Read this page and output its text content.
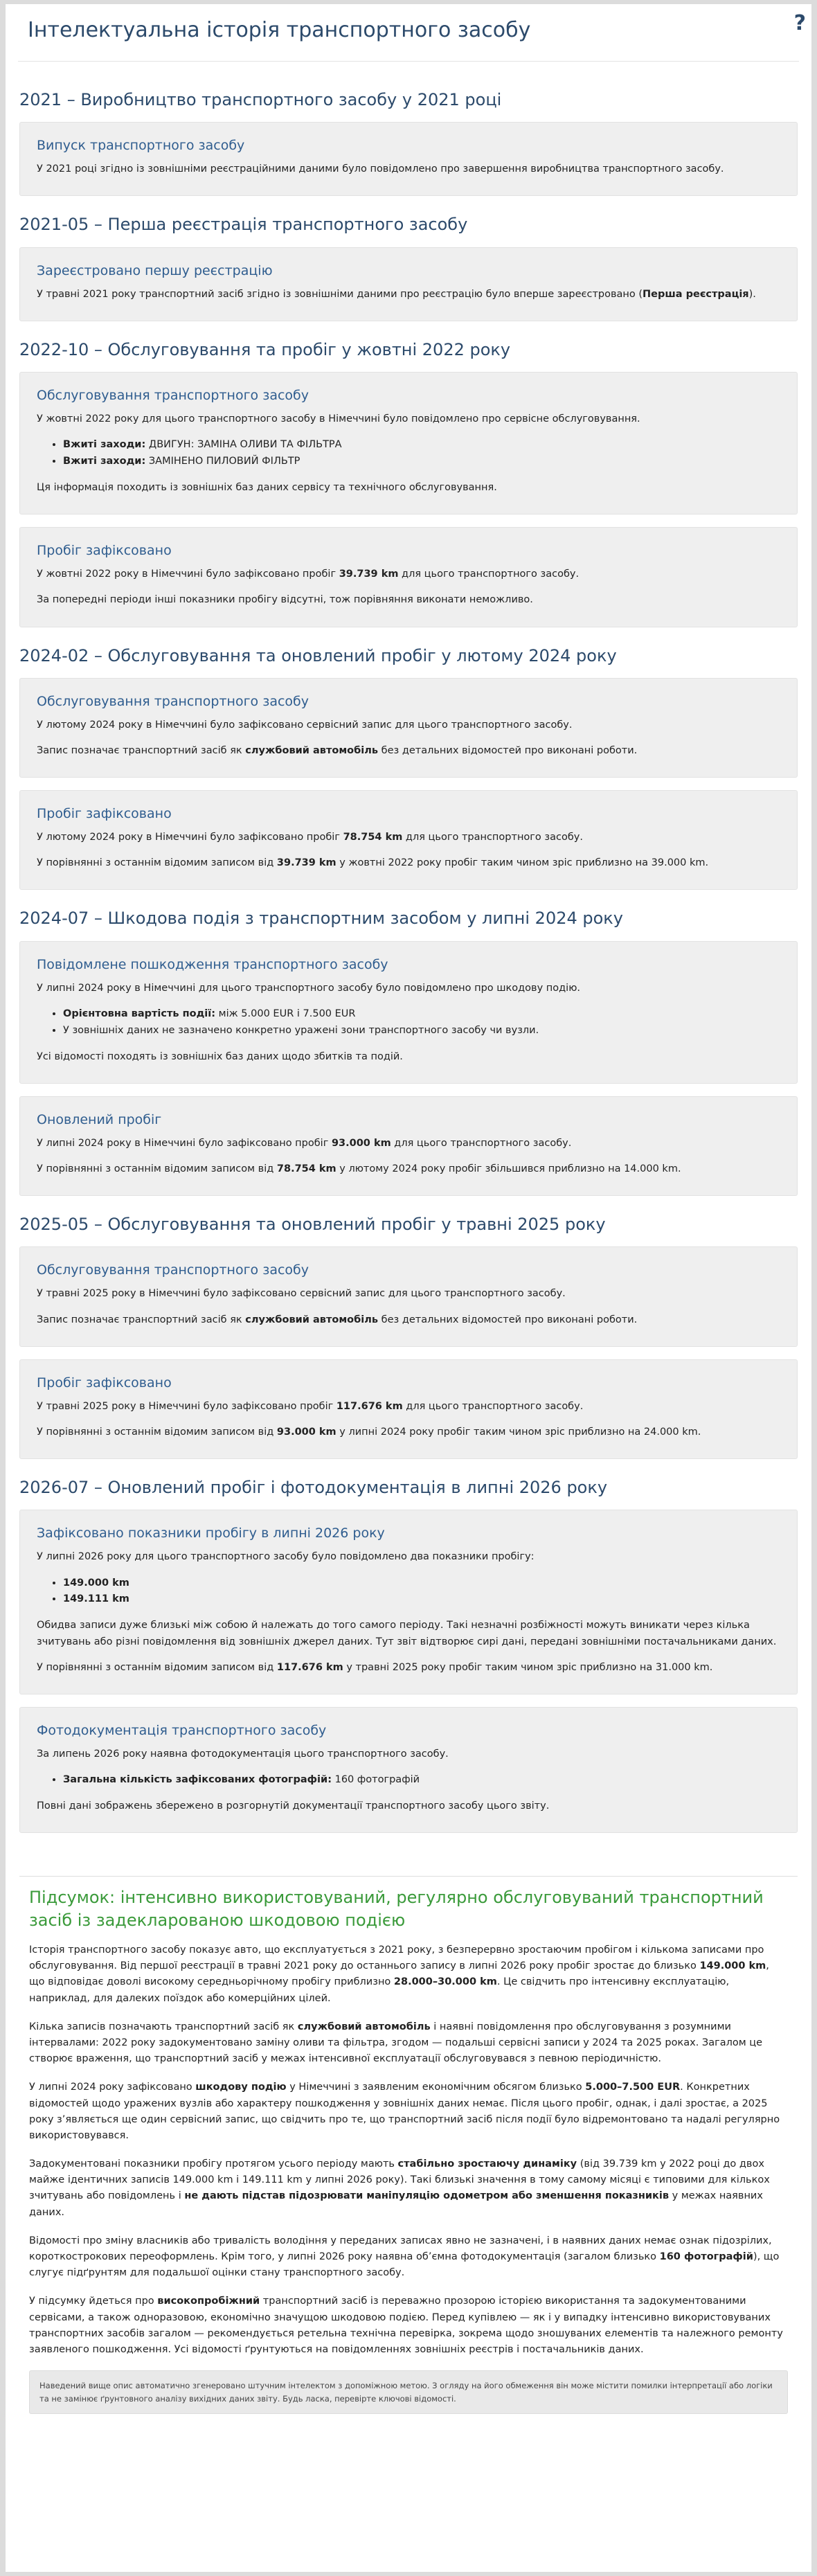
Інтелектуальна історія транспортного засобу	?
2021 – Виробництво транспортного засобу у 2021 році
Випуск транспортного засобу

У 2021 році згідно із зовнішніми реєстраційними даними було повідомлено про завершення виробництва транспортного засобу.

2021-05 – Перша реєстрація транспортного засобу
Зареєстровано першу реєстрацію

У травні 2021 року транспортний засіб згідно із зовнішніми даними про реєстрацію було вперше зареєстровано (Перша реєстрація).

2022-10 – Обслуговування та пробіг у жовтні 2022 року
Обслуговування транспортного засобу

У жовтні 2022 року для цього транспортного засобу в Німеччині було повідомлено про сервісне обслуговування.

• Вжиті заходи: ДВИГУН: ЗАМІНА ОЛИВИ ТА ФІЛЬТРА
• Вжиті заходи: ЗАМІНЕНО ПИЛОВИЙ ФІЛЬТР

Ця інформація походить із зовнішніх баз даних сервісу та технічного обслуговування.

Пробіг зафіксовано

У жовтні 2022 року в Німеччині було зафіксовано пробіг 39.739 km для цього транспортного засобу.

За попередні періоди інші показники пробігу відсутні, тож порівняння виконати неможливо.

2024-02 – Обслуговування та оновлений пробіг у лютому 2024 року
Обслуговування транспортного засобу

У лютому 2024 року в Німеччині було зафіксовано сервісний запис для цього транспортного засобу.

Запис позначає транспортний засіб як службовий автомобіль без детальних відомостей про виконані роботи.

Пробіг зафіксовано

У лютому 2024 року в Німеччині було зафіксовано пробіг 78.754 km для цього транспортного засобу.

У порівнянні з останнім відомим записом від 39.739 km у жовтні 2022 року пробіг таким чином зріс приблизно на 39.000 km.

2024-07 – Шкодова подія з транспортним засобом у липні 2024 року
Повідомлене пошкодження транспортного засобу

У липні 2024 року в Німеччині для цього транспортного засобу було повідомлено про шкодову подію.

• Орієнтовна вартість події: між 5.000 EUR і 7.500 EUR
• У зовнішніх даних не зазначено конкретно уражені зони транспортного засобу чи вузли.

Усі відомості походять із зовнішніх баз даних щодо збитків та подій.

Оновлений пробіг

У липні 2024 року в Німеччині було зафіксовано пробіг 93.000 km для цього транспортного засобу.

У порівнянні з останнім відомим записом від 78.754 km у лютому 2024 року пробіг збільшився приблизно на 14.000 km.

2025-05 – Обслуговування та оновлений пробіг у травні 2025 року
Обслуговування транспортного засобу

У травні 2025 року в Німеччині було зафіксовано сервісний запис для цього транспортного засобу.

Запис позначає транспортний засіб як службовий автомобіль без детальних відомостей про виконані роботи.

Пробіг зафіксовано

У травні 2025 року в Німеччині було зафіксовано пробіг 117.676 km для цього транспортного засобу.

У порівнянні з останнім відомим записом від 93.000 km у липні 2024 року пробіг таким чином зріс приблизно на 24.000 km.

2026-07 – Оновлений пробіг і фотодокументація в липні 2026 року
Зафіксовано показники пробігу в липні 2026 року

У липні 2026 року для цього транспортного засобу було повідомлено два показники пробігу:

• 149.000 km
• 149.111 km

Обидва записи дуже близькі між собою й належать до того самого періоду. Такі незначні розбіжності можуть виникати через кілька зчитувань або різні повідомлення від зовнішніх джерел даних. Тут звіт відтворює сирі дані, передані зовнішніми постачальниками даних.

У порівнянні з останнім відомим записом від 117.676 km у травні 2025 року пробіг таким чином зріс приблизно на 31.000 km.

Фотодокументація транспортного засобу

За липень 2026 року наявна фотодокументація цього транспортного засобу.

• Загальна кількість зафіксованих фотографій: 160 фотографій

Повні дані зображень збережено в розгорнутій документації транспортного засобу цього звіту.

Підсумок: інтенсивно використовуваний, регулярно обслуговуваний транспортний засіб із задекларованою шкодовою подією

Історія транспортного засобу показує авто, що експлуатується з 2021 року, з безперервно зростаючим пробігом і кількома записами про обслуговування. Від першої реєстрації в травні 2021 року до останнього запису в липні 2026 року пробіг зростає до близько 149.000 km, що відповідає доволі високому середньорічному пробігу приблизно 28.000–30.000 km. Це свідчить про інтенсивну експлуатацію, наприклад, для далеких поїздок або комерційних цілей.

Кілька записів позначають транспортний засіб як службовий автомобіль і наявні повідомлення про обслуговування з розумними інтервалами: 2022 року задокументовано заміну оливи та фільтра, згодом — подальші сервісні записи у 2024 та 2025 роках. Загалом це створює враження, що транспортний засіб у межах інтенсивної експлуатації обслуговувався з певною періодичністю.

У липні 2024 року зафіксовано шкодову подію у Німеччині з заявленим економічним обсягом близько 5.000–7.500 EUR. Конкретних відомостей щодо уражених вузлів або характеру пошкодження у зовнішніх даних немає. Після цього пробіг, однак, і далі зростає, а 2025 року з’являється ще один сервісний запис, що свідчить про те, що транспортний засіб після події було відремонтовано та надалі регулярно використовувався.

Задокументовані показники пробігу протягом усього періоду мають стабільно зростаючу динаміку (від 39.739 km у 2022 році до двох майже ідентичних записів 149.000 km і 149.111 km у липні 2026 року). Такі близькі значення в тому самому місяці є типовими для кількох зчитувань або повідомлень і не дають підстав підозрювати маніпуляцію одометром або зменшення показників у межах наявних даних.

Відомості про зміну власників або тривалість володіння у переданих записах явно не зазначені, і в наявних даних немає ознак підозрілих, короткострокових переоформлень. Крім того, у липні 2026 року наявна об’ємна фотодокументація (загалом близько 160 фотографій), що слугує підґрунтям для подальшої оцінки стану транспортного засобу.

У підсумку йдеться про високопробіжний транспортний засіб із переважно прозорою історією використання та задокументованими сервісами, а також одноразовою, економічно значущою шкодовою подією. Перед купівлею — як і у випадку інтенсивно використовуваних транспортних засобів загалом — рекомендується ретельна технічна перевірка, зокрема щодо зношуваних елементів та належного ремонту заявленого пошкодження. Усі відомості ґрунтуються на повідомленнях зовнішніх реєстрів і постачальників даних.

Наведений вище опис автоматично згенеровано штучним інтелектом з допоміжною метою. З огляду на його обмеження він може містити помилки інтерпретації або логіки та не замінює ґрунтовного аналізу вихідних даних звіту. Будь ласка, перевірте ключові відомості.
